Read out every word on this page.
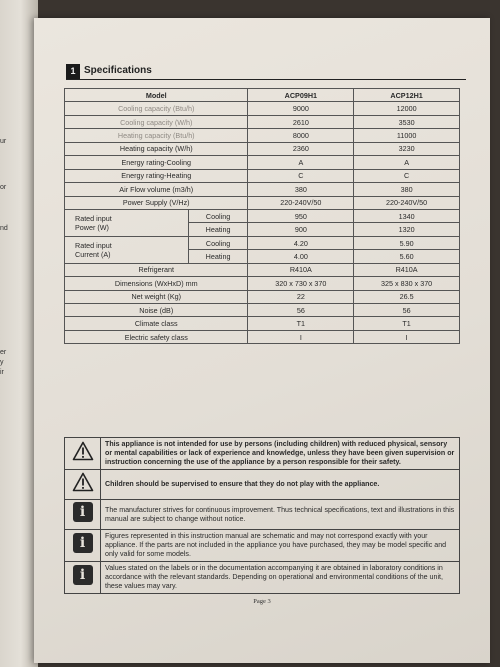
ur
or
nd
er
y
ir
1 Specifications
Model		ACP09H1	ACP12H1
Cooling capacity (Btu/h)		9000	12000
Cooling capacity (W/h)		2610	3530
Heating capacity (Btu/h)		8000	11000
Heating capacity (W/h)		2360	3230
Energy rating-Cooling		A	A
Energy rating-Heating		C	C
Air Flow volume (m3/h)		380	380
Power Supply (V/Hz)		220-240V/50	220-240V/50
Rated input
Power (W)	Cooling	950	1340
	Heating	900	1320
Rated input
Current (A)	Cooling	4.20	5.90
	Heating	4.00	5.60
Refrigerant		R410A	R410A
Dimensions (WxHxD) mm		320 x 730 x 370	325 x 830 x 370
Net weight (Kg)		22	26.5
Noise (dB)		56	56
Climate class		T1	T1
Electric safety class		I	I
	This appliance is not intended for use by persons (including children) with reduced physical, sensory or mental capabilities or lack of experience and knowledge, unless they have been given supervision or instruction concerning the use of the appliance by a person responsible for their safety.
	Children should be supervised to ensure that they do not play with the appliance.
i	The manufacturer strives for continuous improvement. Thus technical specifications, text and illustrations in this manual are subject to change without notice.
i	Figures represented in this instruction manual are schematic and may not correspond exactly with your appliance. If the parts are not included in the appliance you have purchased, they may be model specific and only valid for some models.
i	Values stated on the labels or in the documentation accompanying it are obtained in laboratory conditions in accordance with the relevant standards. Depending on operational and environmental conditions of the unit, these values may vary.
Page 3
